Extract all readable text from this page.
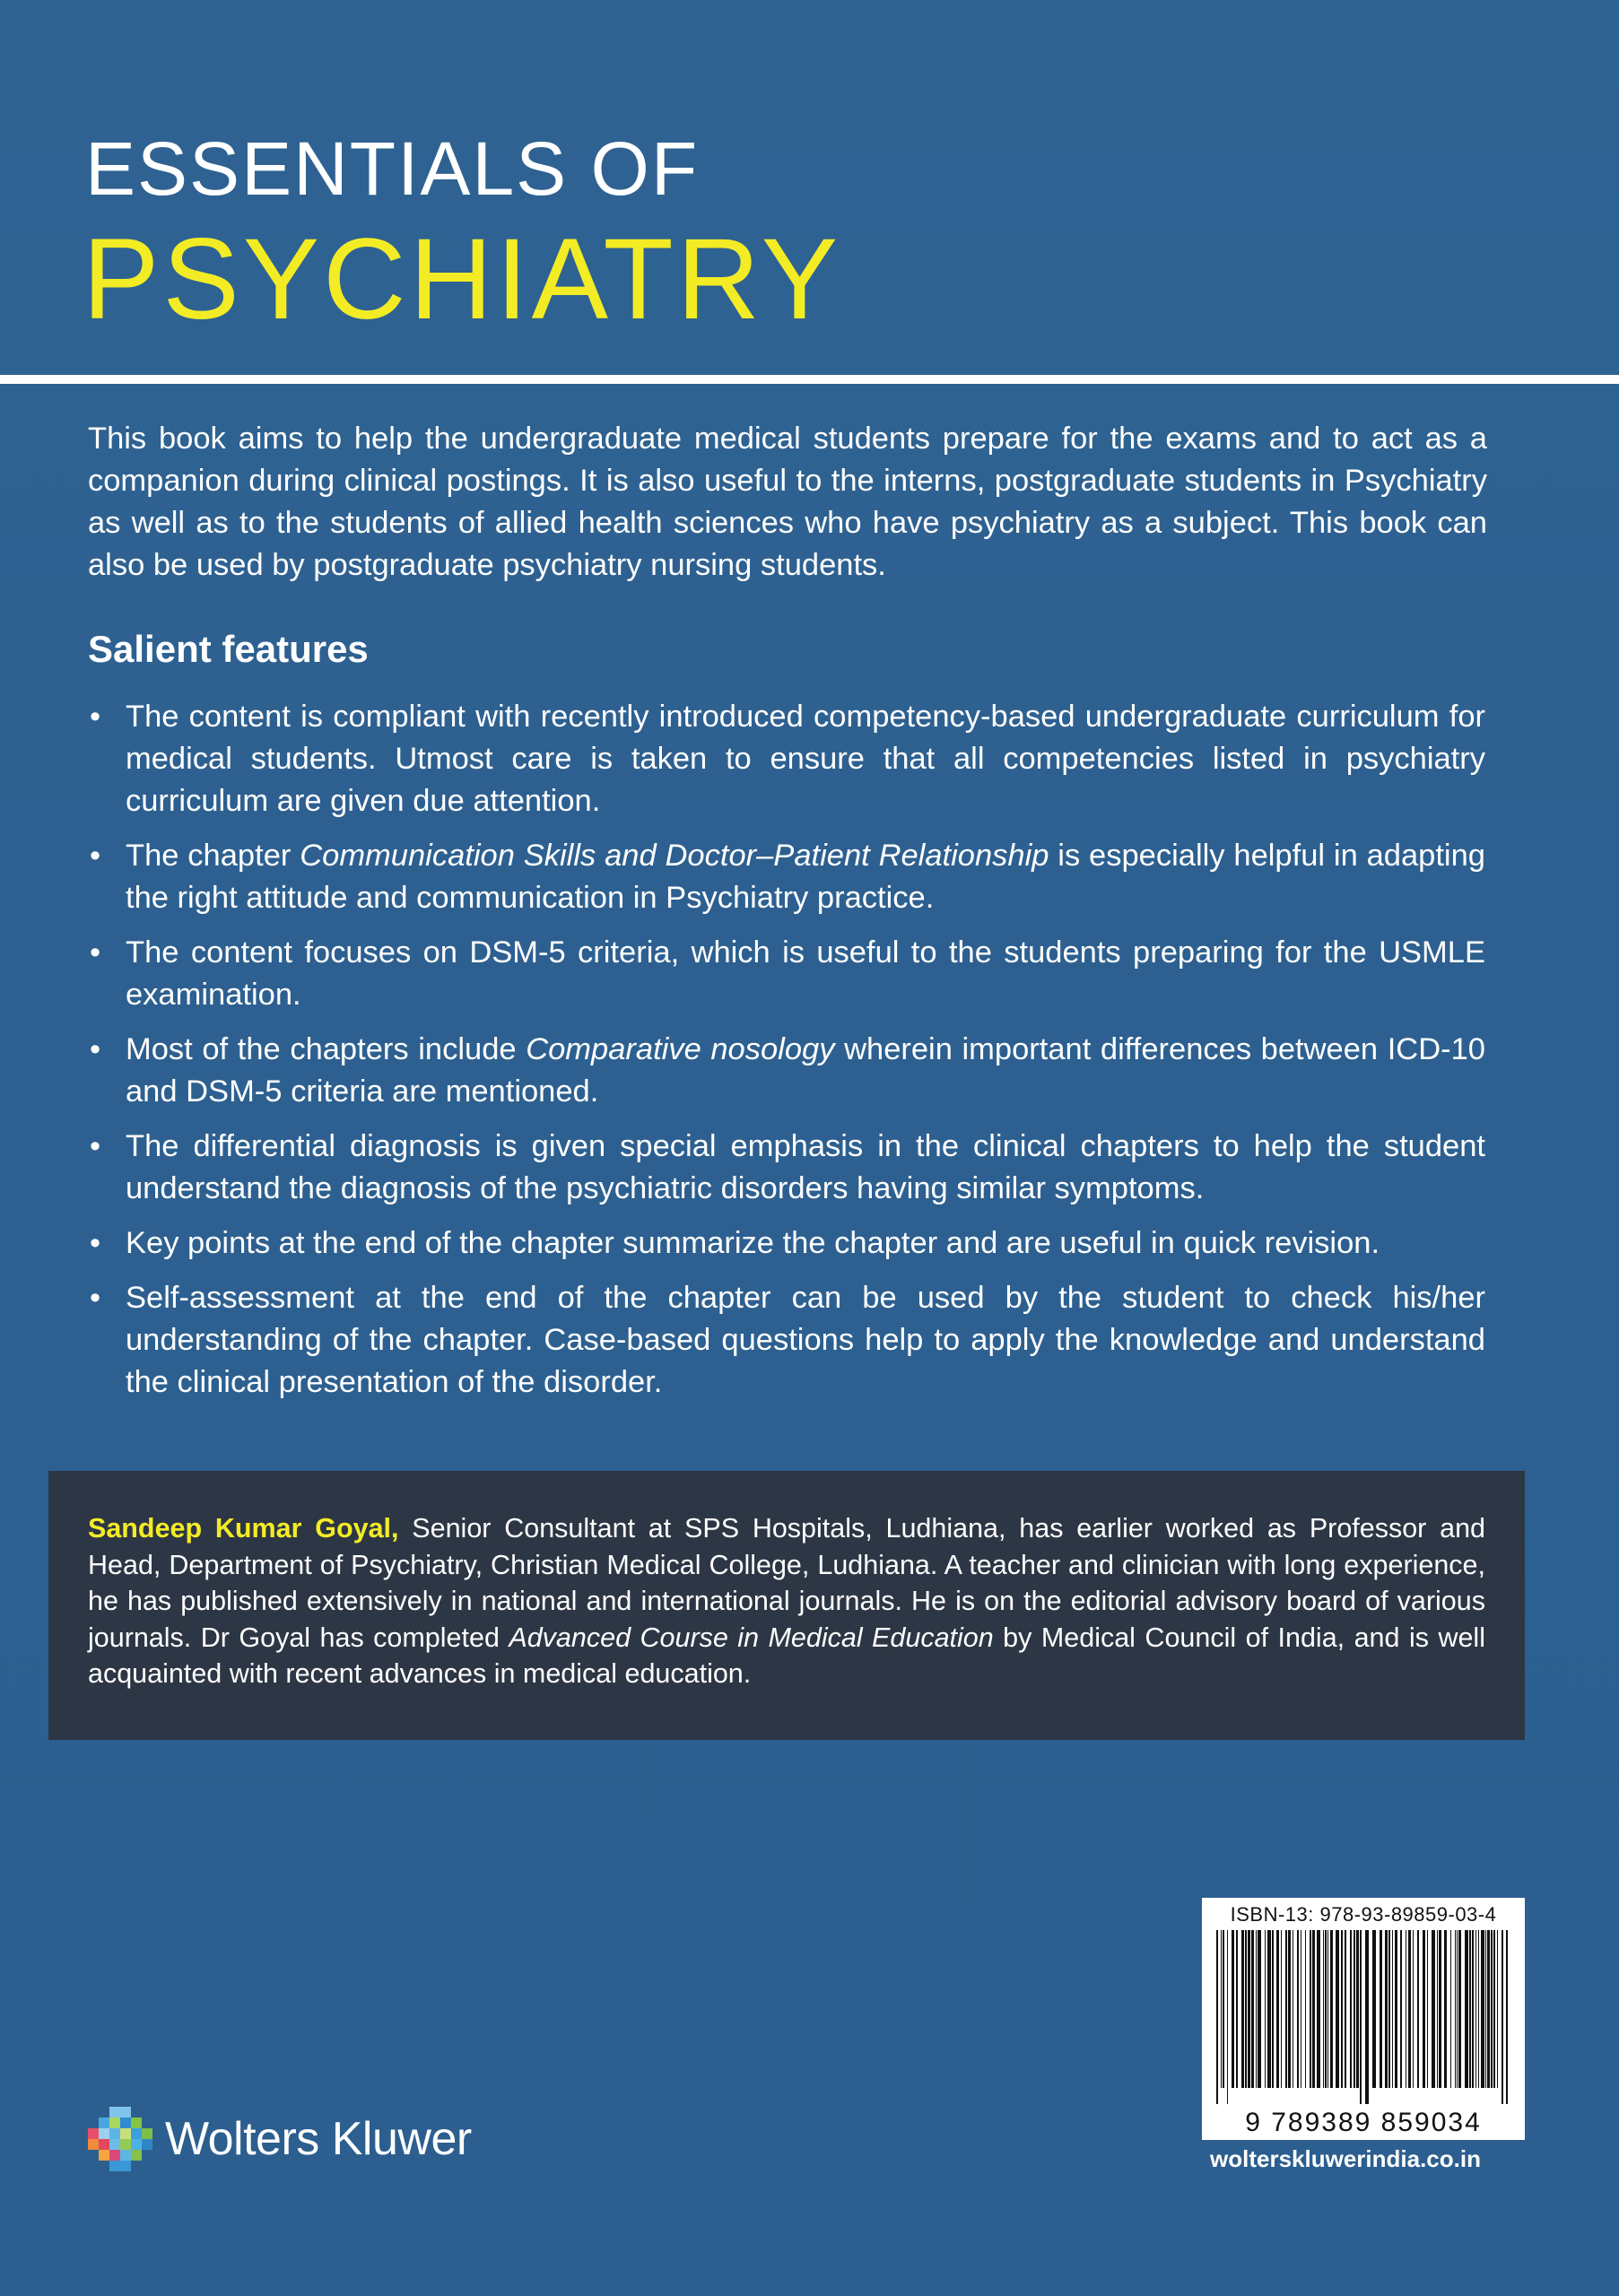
ESSENTIALS OF
PSYCHIATRY

This book aims to help the undergraduate medical students prepare for the exams and to act as a companion during clinical postings. It is also useful to the interns, postgraduate students in Psychiatry as well as to the students of allied health sciences who have psychiatry as a subject. This book can also be used by postgraduate psychiatry nursing students.

Salient features
• The content is compliant with recently introduced competency-based undergraduate curriculum for medical students. Utmost care is taken to ensure that all competencies listed in psychiatry curriculum are given due attention.
• The chapter Communication Skills and Doctor–Patient Relationship is especially helpful in adapting the right attitude and communication in Psychiatry practice.
• The content focuses on DSM-5 criteria, which is useful to the students preparing for the USMLE examination.
• Most of the chapters include Comparative nosology wherein important differences between ICD-10 and DSM-5 criteria are mentioned.
• The differential diagnosis is given special emphasis in the clinical chapters to help the student understand the diagnosis of the psychiatric disorders having similar symptoms.
• Key points at the end of the chapter summarize the chapter and are useful in quick revision.
• Self-assessment at the end of the chapter can be used by the student to check his/her understanding of the chapter. Case-based questions help to apply the knowledge and understand the clinical presentation of the disorder.
Sandeep Kumar Goyal, Senior Consultant at SPS Hospitals, Ludhiana, has earlier worked as Professor and Head, Department of Psychiatry, Christian Medical College, Ludhiana. A teacher and clinician with long experience, he has published extensively in national and international journals. He is on the editorial advisory board of various journals. Dr Goyal has completed Advanced Course in Medical Education by Medical Council of India, and is well acquainted with recent advances in medical education.
ISBN-13: 978-93-89859-03-4
9 789389 859034
wolterskluwerindia.co.in
Wolters Kluwer
